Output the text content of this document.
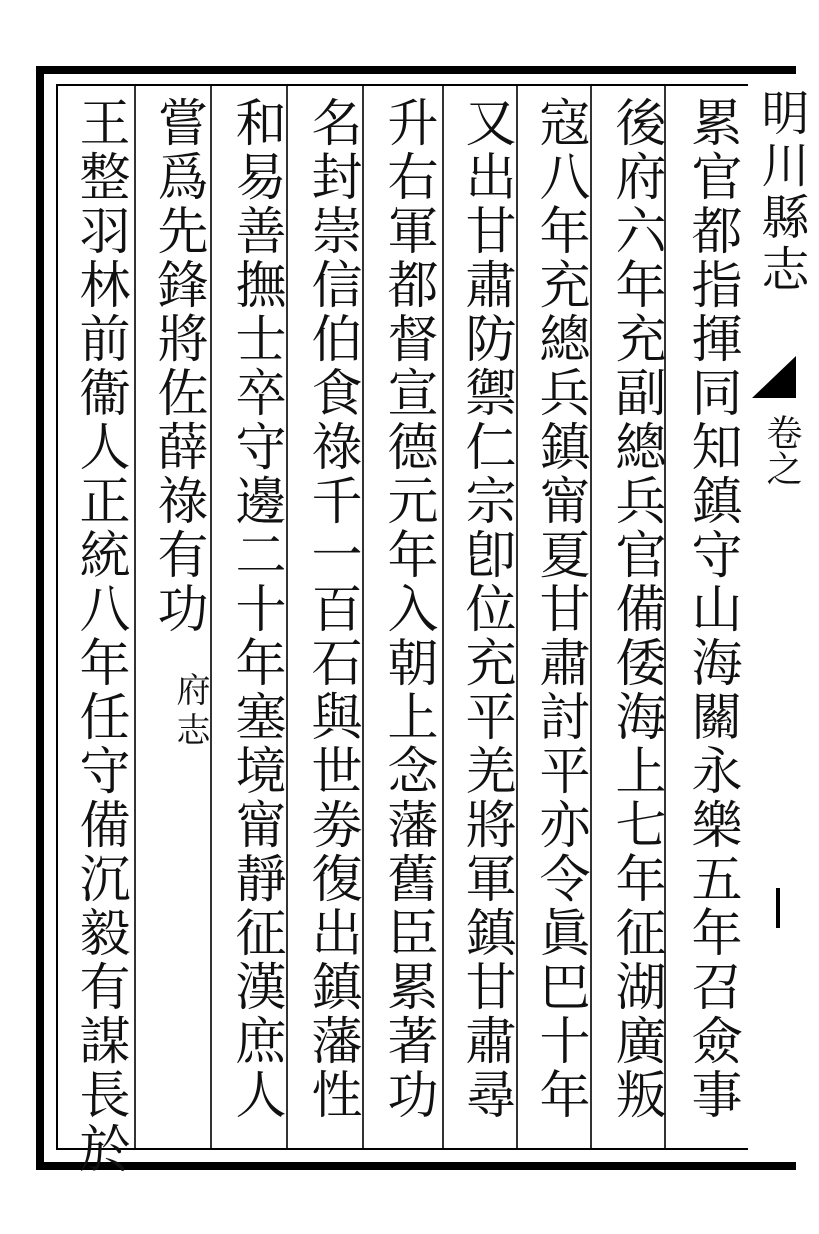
明川縣志
卷之
累官都指揮同知鎮守山海關永樂五年召僉事
後府六年充副總兵官備倭海上七年征湖廣叛
寇八年充總兵鎮甯夏甘肅討平亦令眞巴十年
又出甘肅防禦仁宗卽位充平羌將軍鎮甘肅尋
升右軍都督宣德元年入朝上念藩舊臣累著功
名封崇信伯食祿千一百石與世劵復出鎮藩性
和易善撫士卒守邊二十年塞境甯靜征漢庶人
嘗爲先鋒將佐薛祿有功
府志
王整羽林前衞人正統八年任守備沉毅有謀長於
